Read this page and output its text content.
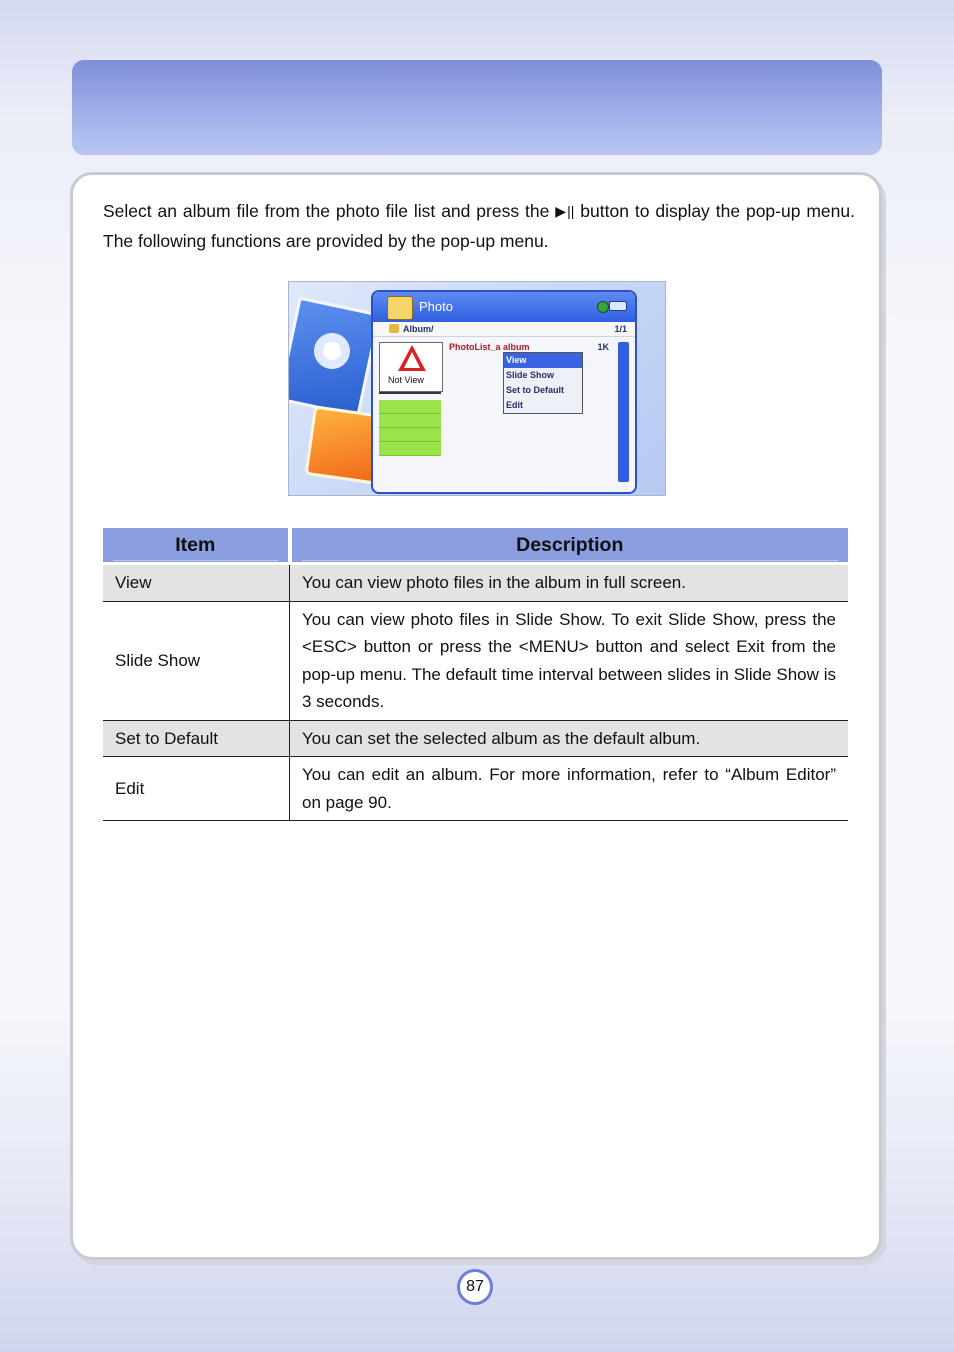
Select an album file from the photo file list and press the ▶|| button to display the pop-up menu. The following functions are provided by the pop-up menu.

Photo
Album/	1/1
Not View
PhotoList_a album	1K
View
Slide Show
Set to Default
Edit
Item	Description

View	You can view photo files in the album in full screen.
Slide Show	You can view photo files in Slide Show. To exit Slide Show, press the <ESC> button or press the <MENU> button and select Exit from the pop-up menu. The default time interval between slides in Slide Show is 3 seconds.
Set to Default	You can set the selected album as the default album.
Edit	You can edit an album. For more information, refer to “Album Editor” on page 90.
87
